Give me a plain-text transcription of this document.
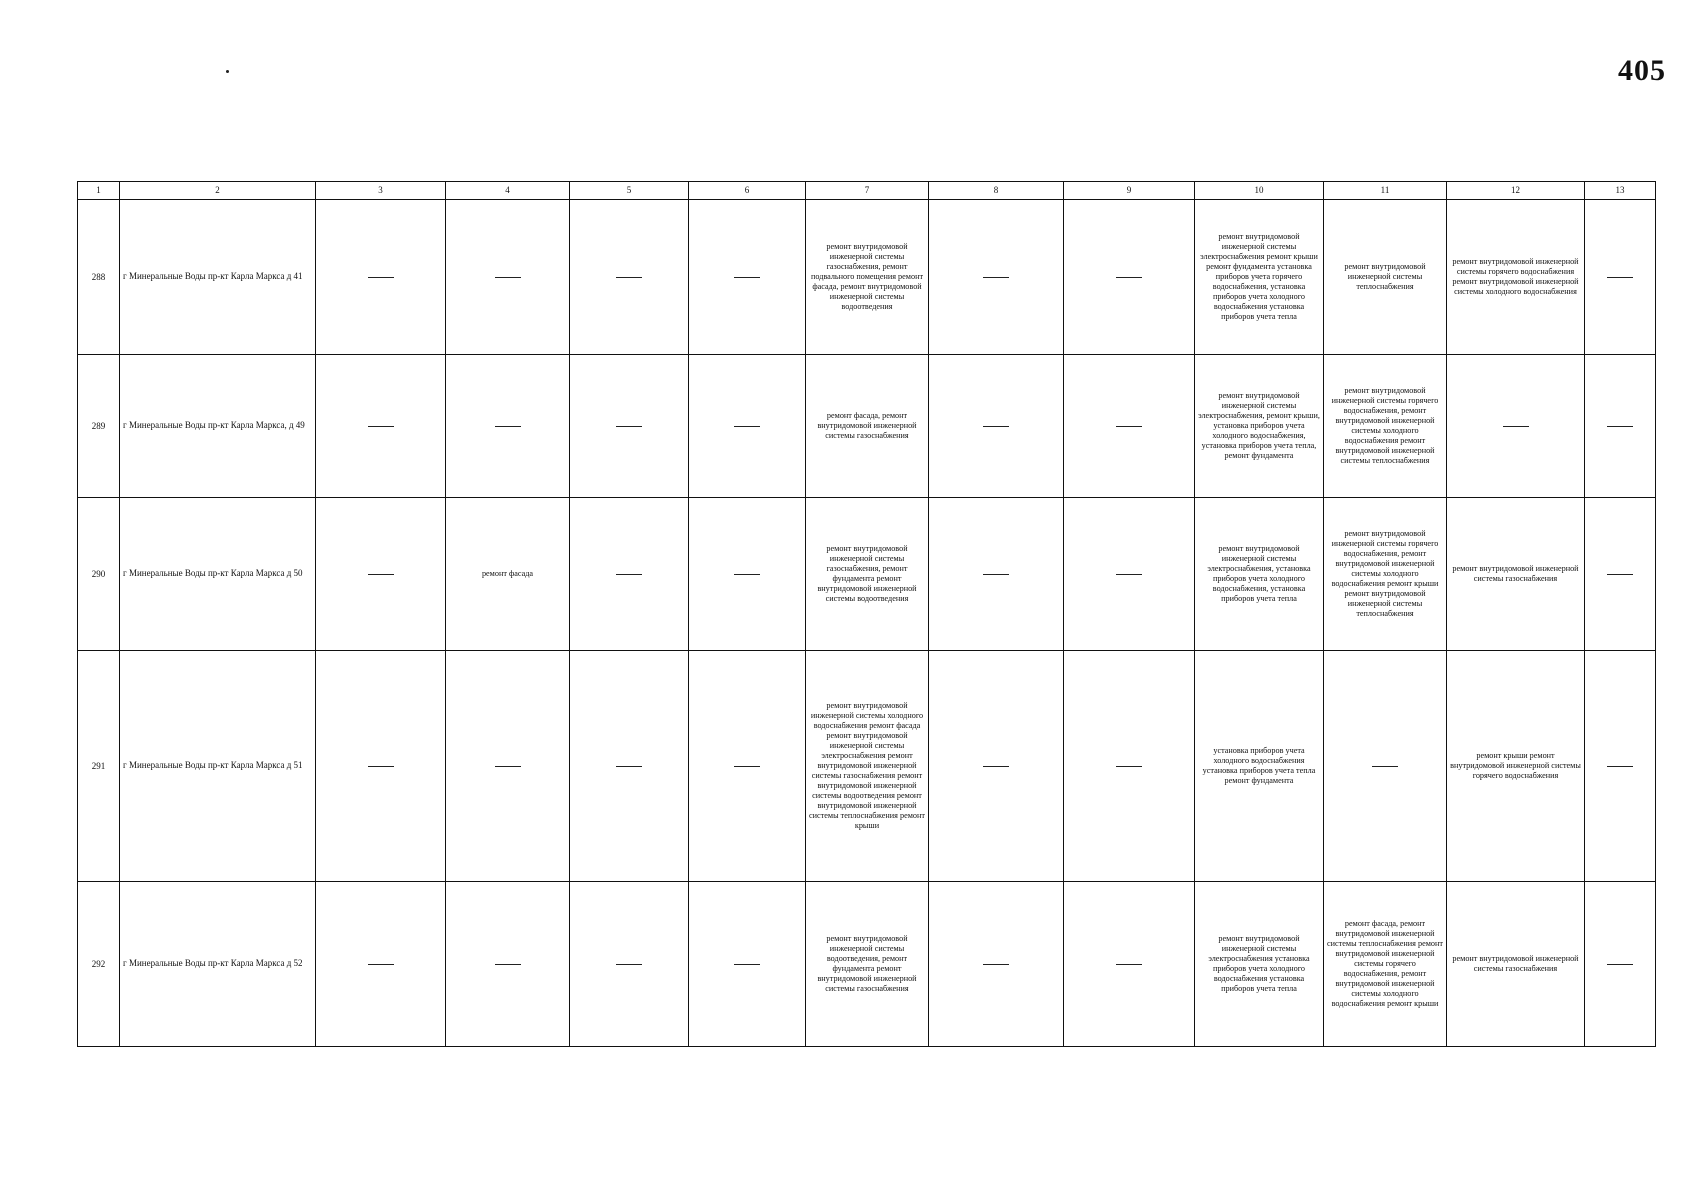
405
1	2	3	4	5	6	7	8	9	10	11	12	13
288	г Минеральные Воды пр-кт Карла Маркса д 41					ремонт внутридомовой инженерной системы газоснабжения, ремонт подвального помещения ремонт фасада, ремонт внутридомовой инженерной системы водоотведения			ремонт внутридомовой инженерной системы электроснабжения ремонт крыши ремонт фундамента установка приборов учета горячего водоснабжения, установка приборов учета холодного водоснабжения установка приборов учета тепла	ремонт внутридомовой инженерной системы теплоснабжения	ремонт внутридомовой инженерной системы горячего водоснабжения ремонт внутридомовой инженерной системы холодного водоснабжения	
289	г Минеральные Воды пр-кт Карла Маркса, д 49					ремонт фасада, ремонт внутридомовой инженерной системы газоснабжения			ремонт внутридомовой инженерной системы электроснабжения, ремонт крыши, установка приборов учета холодного водоснабжения, установка приборов учета тепла, ремонт фундамента	ремонт внутридомовой инженерной системы горячего водоснабжения, ремонт внутридомовой инженерной системы холодного водоснабжения ремонт внутридомовой инженерной системы теплоснабжения		
290	г Минеральные Воды пр-кт Карла Маркса д 50		ремонт фасада			ремонт внутридомовой инженерной системы газоснабжения, ремонт фундамента ремонт внутридомовой инженерной системы водоотведения			ремонт внутридомовой инженерной системы электроснабжения, установка приборов учета холодного водоснабжения, установка приборов учета тепла	ремонт внутридомовой инженерной системы горячего водоснабжения, ремонт внутридомовой инженерной системы холодного водоснабжения ремонт крыши ремонт внутридомовой инженерной системы теплоснабжения	ремонт внутридомовой инженерной системы газоснабжения	
291	г Минеральные Воды пр-кт Карла Маркса д 51					ремонт внутридомовой инженерной системы холодного водоснабжения ремонт фасада ремонт внутридомовой инженерной системы электроснабжения ремонт внутридомовой инженерной системы газоснабжения ремонт внутридомовой инженерной системы водоотведения ремонт внутридомовой инженерной системы теплоснабжения ремонт крыши			установка приборов учета холодного водоснабжения установка приборов учета тепла ремонт фундамента		ремонт крыши ремонт внутридомовой инженерной системы горячего водоснабжения	
292	г Минеральные Воды пр-кт Карла Маркса д 52					ремонт внутридомовой инженерной системы водоотведения, ремонт фундамента ремонт внутридомовой инженерной системы газоснабжения			ремонт внутридомовой инженерной системы электроснабжения установка приборов учета холодного водоснабжения установка приборов учета тепла	ремонт фасада, ремонт внутридомовой инженерной системы теплоснабжения ремонт внутридомовой инженерной системы горячего водоснабжения, ремонт внутридомовой инженерной системы холодного водоснабжения ремонт крыши	ремонт внутридомовой инженерной системы газоснабжения	
